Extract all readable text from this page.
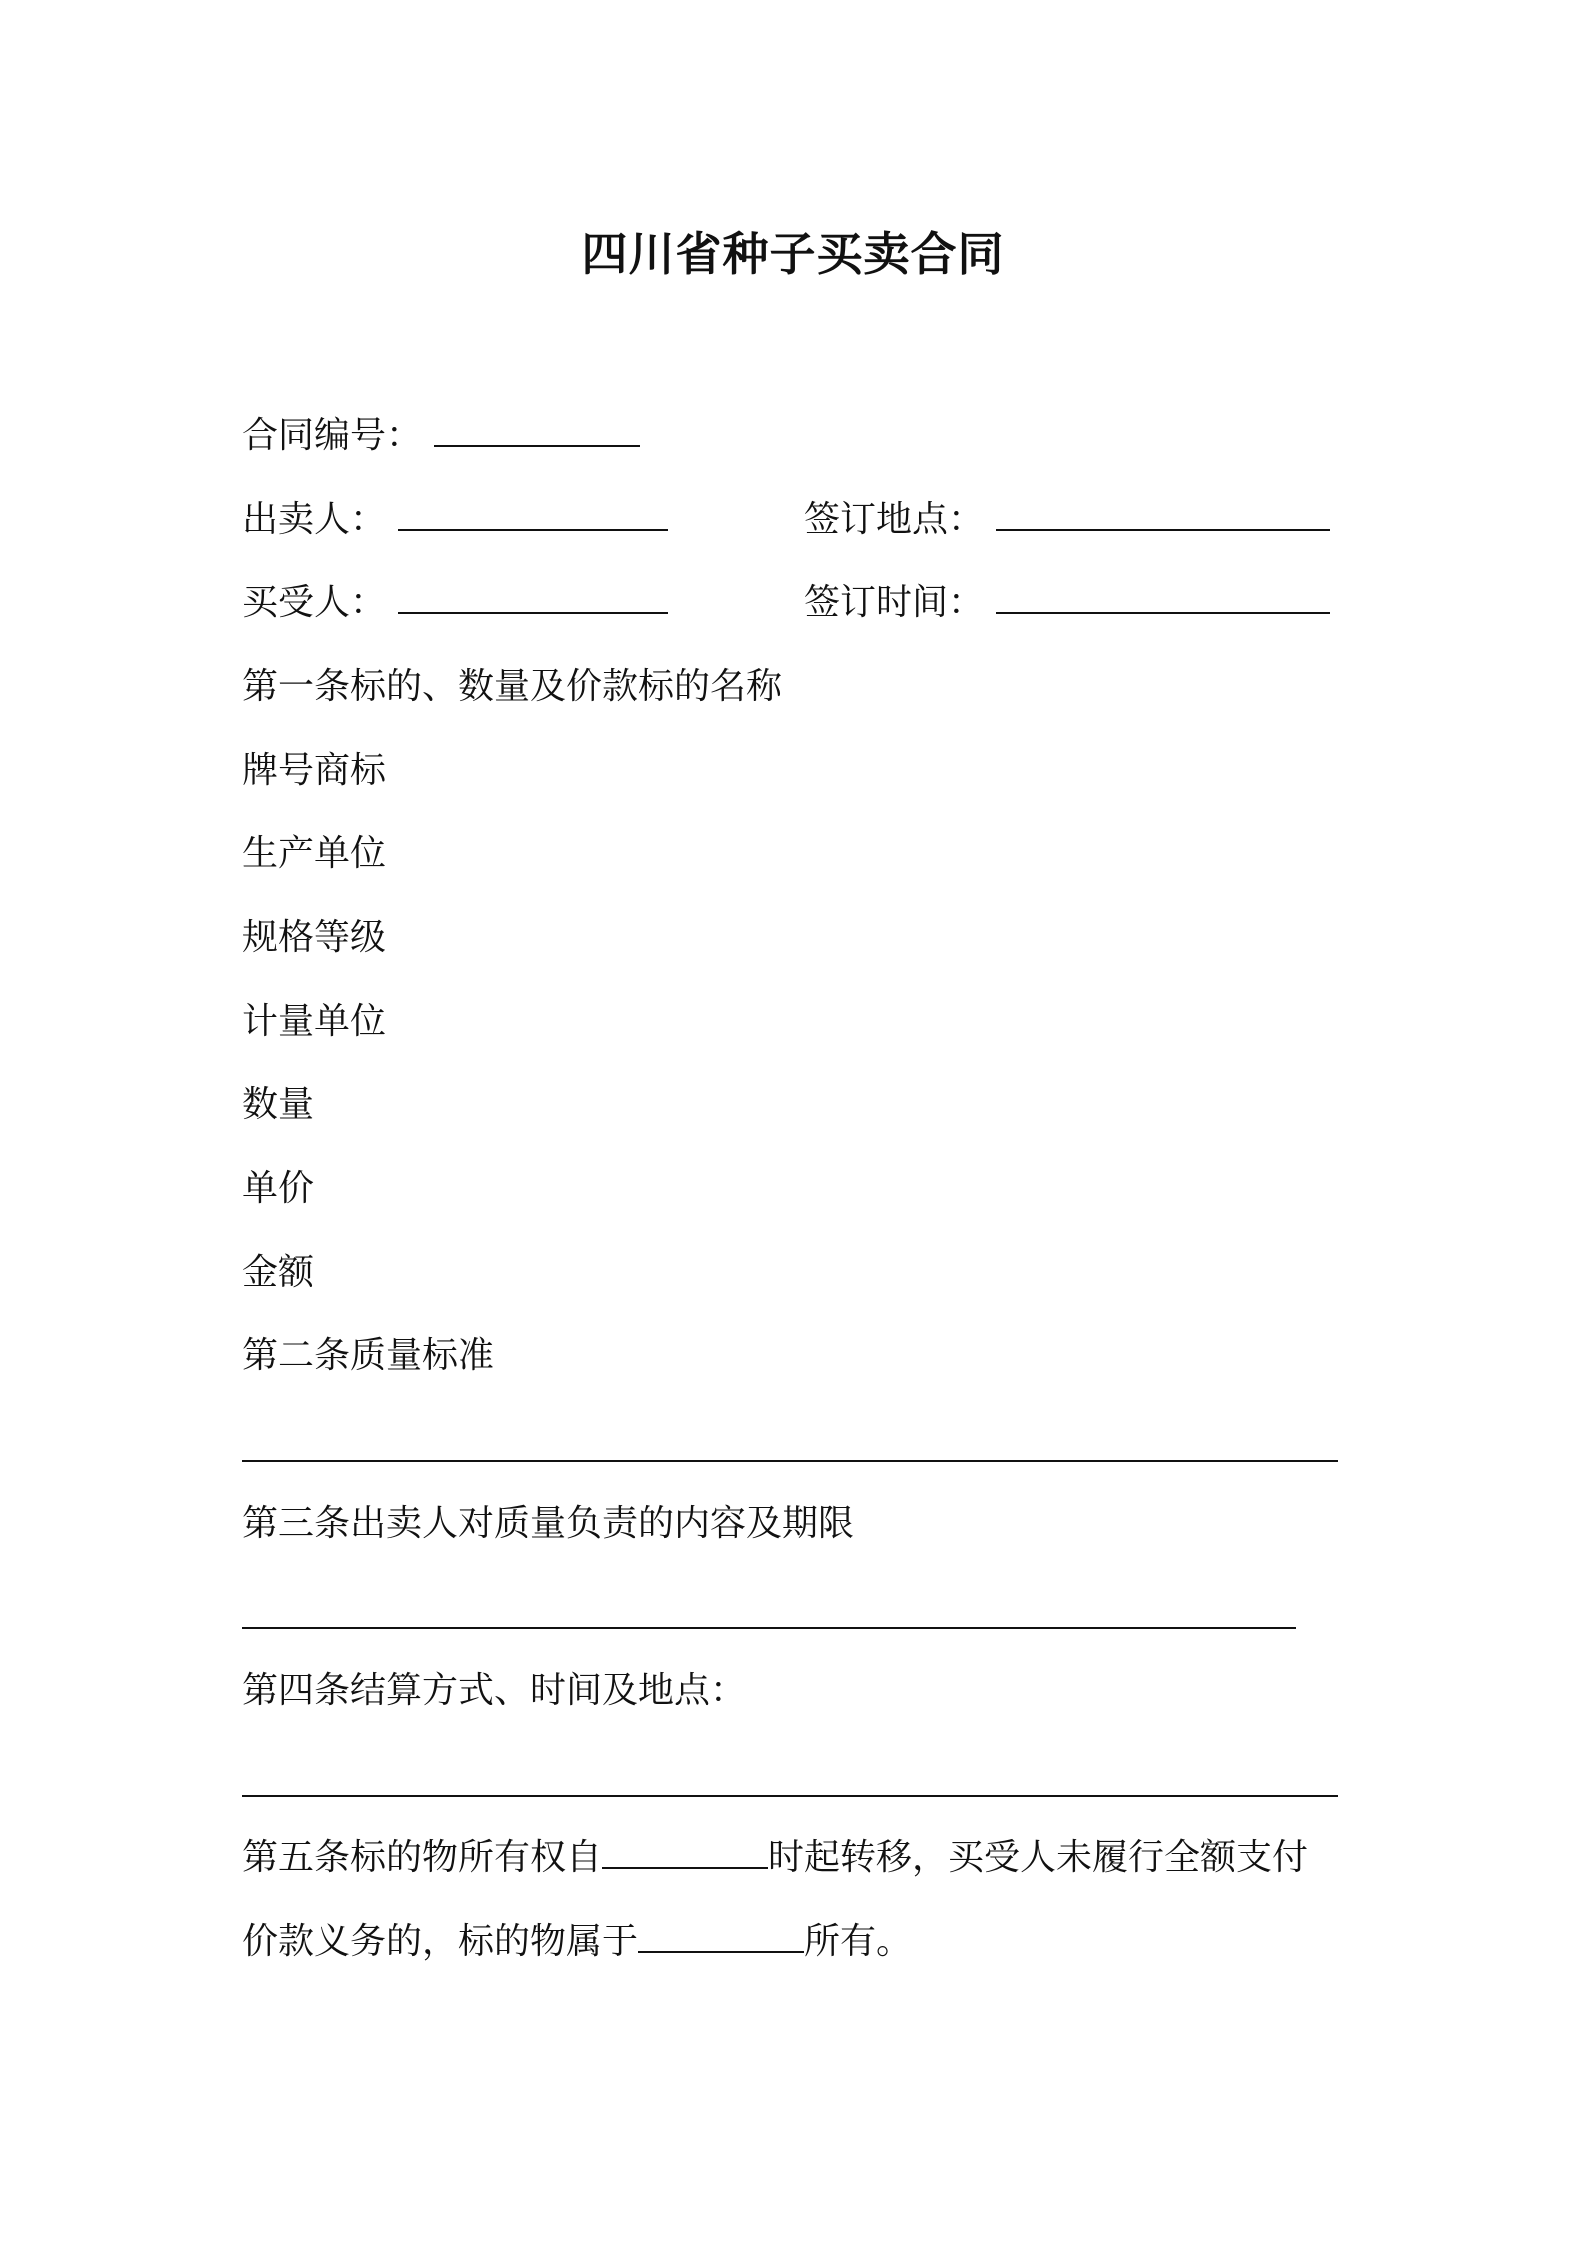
四川省种子买卖合同
合同编号：
出卖人：	签订地点：
买受人：	签订时间：
第一条标的、数量及价款标的名称
牌号商标
生产单位
规格等级
计量单位
数量
单价
金额
第二条质量标准
第三条出卖人对质量负责的内容及期限
第四条结算方式、时间及地点：
第五条标的物所有权自	时起转移，买受人未履行全额支付
价款义务的，标的物属于	所有。
